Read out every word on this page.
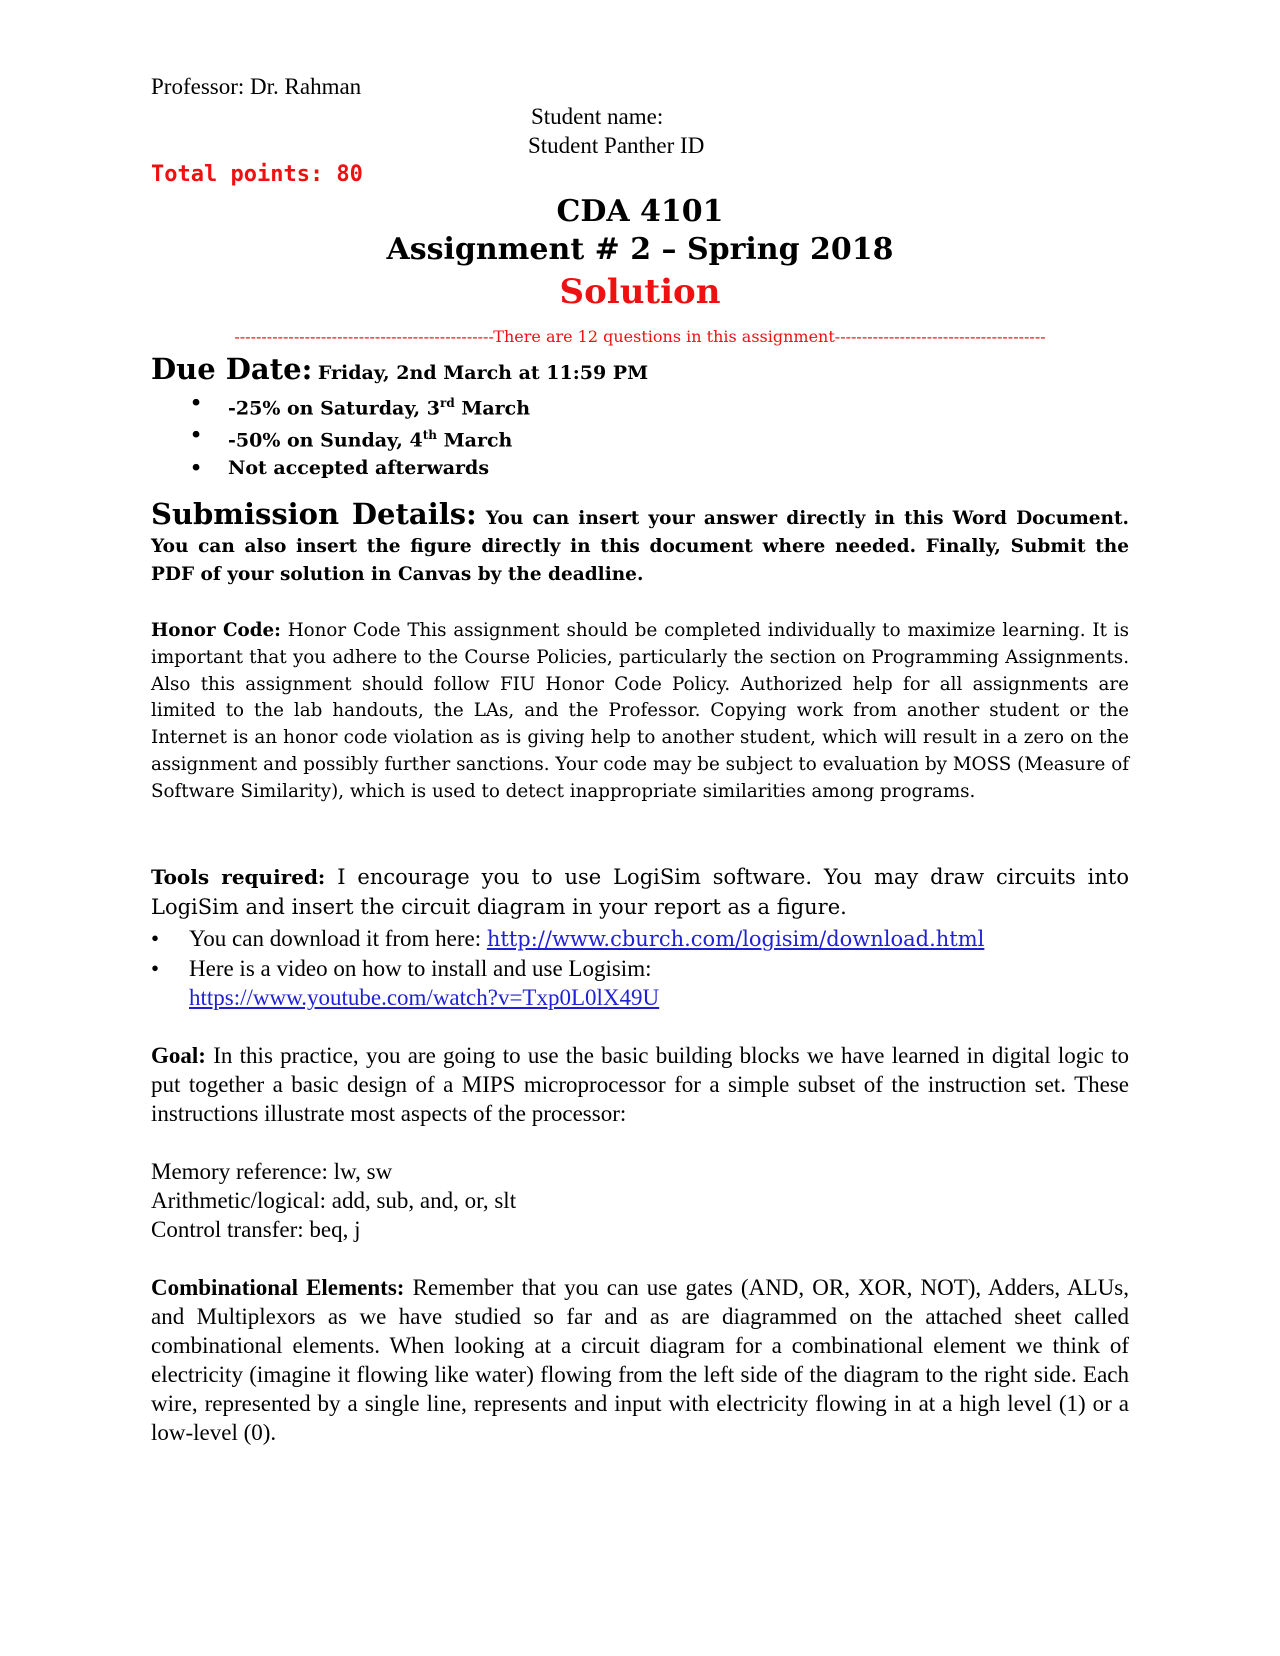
Professor: Dr. Rahman
Student name:
Student Panther ID
Total points: 80
CDA 4101
Assignment # 2 – Spring 2018
Solution
------------------------------------------------There are 12 questions in this assignment---------------------------------------
Due Date: Friday, 2nd March at 11:59 PM
• -25% on Saturday, 3rd March
• -50% on Sunday, 4th March
• Not accepted afterwards
Submission Details: You can insert your answer directly in this Word Document. You can also insert the figure directly in this document where needed. Finally, Submit the PDF of your solution in Canvas by the deadline.
Honor Code: Honor Code This assignment should be completed individually to maximize learning. It is important that you adhere to the Course Policies, particularly the section on Programming Assignments. Also this assignment should follow FIU Honor Code Policy. Authorized help for all assignments are limited to the lab handouts, the LAs, and the Professor. Copying work from another student or the Internet is an honor code violation as is giving help to another student, which will result in a zero on the assignment and possibly further sanctions. Your code may be subject to evaluation by MOSS (Measure of Software Similarity), which is used to detect inappropriate similarities among programs.
Tools required: I encourage you to use LogiSim software. You may draw circuits into LogiSim and insert the circuit diagram in your report as a figure.
• You can download it from here: http://www.cburch.com/logisim/download.html
• Here is a video on how to install and use Logisim:
https://www.youtube.com/watch?v=Txp0L0lX49U
Goal: In this practice, you are going to use the basic building blocks we have learned in digital logic to put together a basic design of a MIPS microprocessor for a simple subset of the instruction set. These instructions illustrate most aspects of the processor:
Memory reference: lw, sw
Arithmetic/logical: add, sub, and, or, slt
Control transfer: beq, j
Combinational Elements: Remember that you can use gates (AND, OR, XOR, NOT), Adders, ALUs, and Multiplexors as we have studied so far and as are diagrammed on the attached sheet called combinational elements. When looking at a circuit diagram for a combinational element we think of electricity (imagine it flowing like water) flowing from the left side of the diagram to the right side. Each wire, represented by a single line, represents and input with electricity flowing in at a high level (1) or a low-level (0).
